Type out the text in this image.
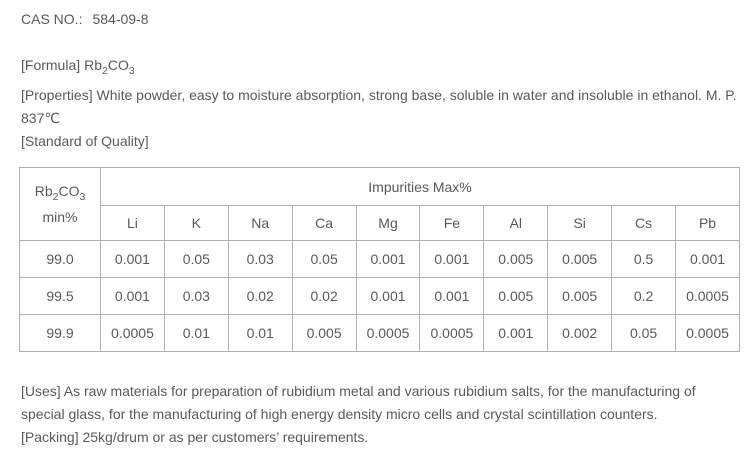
CAS NO.: 584-09-8

[Formula] $Rb_2CO_3$

[Properties] White powder, easy to moisture absorption, strong base, soluble in water and insoluble in ethanol. M. P. 837℃

[Standard of Quality]

$Rb_2CO_3$
min%	Impurities Max%									
	Li	K	Na	Ca	Mg	Fe	Al	Si	Cs	Pb
99.0	0.001	0.05	0.03	0.05	0.001	0.001	0.005	0.005	0.5	0.001
99.5	0.001	0.03	0.02	0.02	0.001	0.001	0.005	0.005	0.2	0.0005
99.9	0.0005	0.01	0.01	0.005	0.0005	0.0005	0.001	0.002	0.05	0.0005

[Uses] As raw materials for preparation of rubidium metal and various rubidium salts, for the manufacturing of special glass, for the manufacturing of high energy density micro cells and crystal scintillation counters.

[Packing] 25kg/drum or as per customers’ requirements.
